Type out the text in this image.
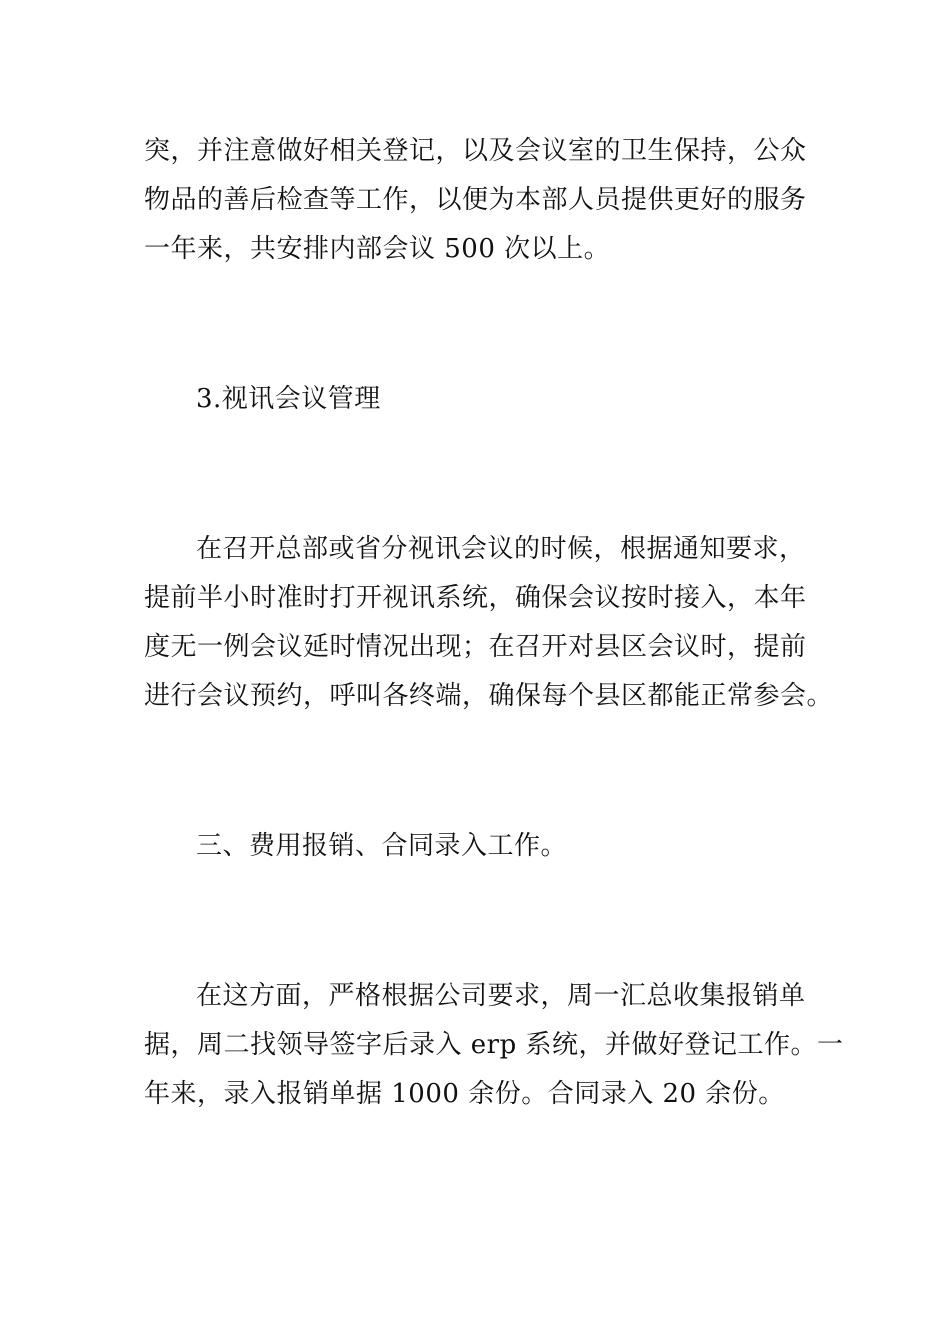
突，并注意做好相关登记，以及会议室的卫生保持，公众
物品的善后检查等工作，以便为本部人员提供更好的服务
一年来，共安排内部会议 500 次以上。
3.视讯会议管理
在召开总部或省分视讯会议的时候，根据通知要求，
提前半小时准时打开视讯系统，确保会议按时接入，本年
度无一例会议延时情况出现；在召开对县区会议时，提前
进行会议预约，呼叫各终端，确保每个县区都能正常参会。
三、费用报销、合同录入工作。
在这方面，严格根据公司要求，周一汇总收集报销单
据，周二找领导签字后录入 erp 系统，并做好登记工作。一
年来，录入报销单据 1000 余份。合同录入 20 余份。
